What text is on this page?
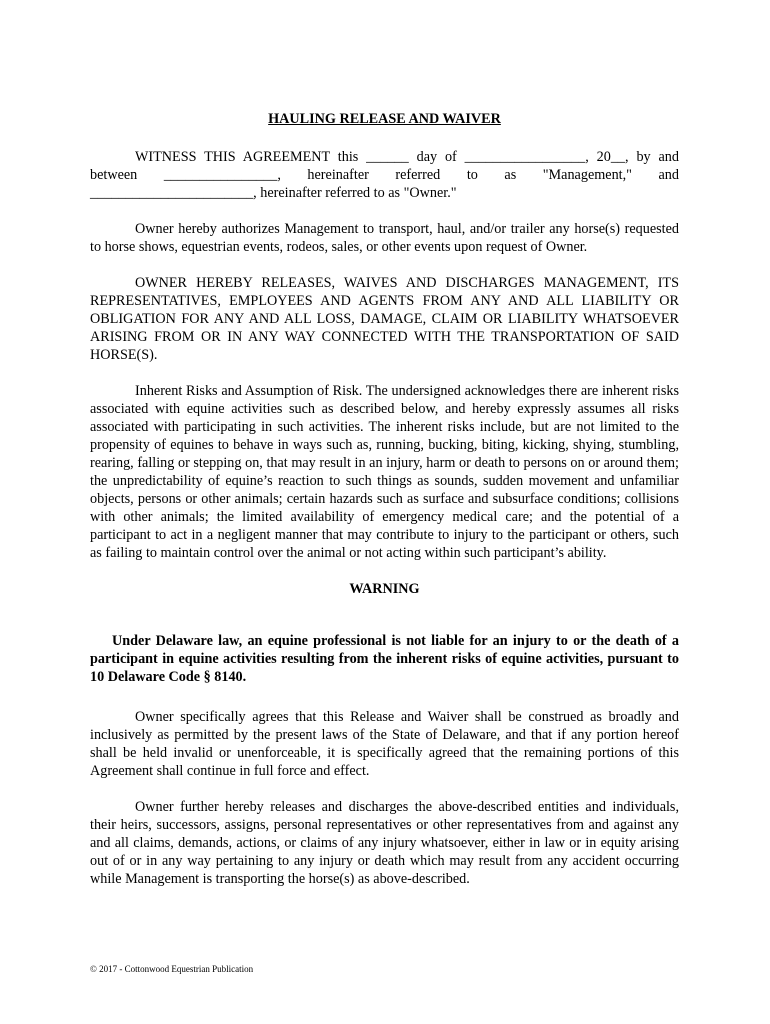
HAULING RELEASE AND WAIVER

WITNESS THIS AGREEMENT this ______ day of _________________, 20__, by and between ________________, hereinafter referred to as "Management," and _______________________, hereinafter referred to as "Owner."

Owner hereby authorizes Management to transport, haul, and/or trailer any horse(s) requested to horse shows, equestrian events, rodeos, sales, or other events upon request of Owner.

OWNER HEREBY RELEASES, WAIVES AND DISCHARGES MANAGEMENT, ITS REPRESENTATIVES, EMPLOYEES AND AGENTS FROM ANY AND ALL LIABILITY OR OBLIGATION FOR ANY AND ALL LOSS, DAMAGE, CLAIM OR LIABILITY WHATSOEVER ARISING FROM OR IN ANY WAY CONNECTED WITH THE TRANSPORTATION OF SAID HORSE(S).

Inherent Risks and Assumption of Risk. The undersigned acknowledges there are inherent risks associated with equine activities such as described below, and hereby expressly assumes all risks associated with participating in such activities. The inherent risks include, but are not limited to the propensity of equines to behave in ways such as, running, bucking, biting, kicking, shying, stumbling, rearing, falling or stepping on, that may result in an injury, harm or death to persons on or around them; the unpredictability of equine’s reaction to such things as sounds, sudden movement and unfamiliar objects, persons or other animals; certain hazards such as surface and subsurface conditions; collisions with other animals; the limited availability of emergency medical care; and the potential of a participant to act in a negligent manner that may contribute to injury to the participant or others, such as failing to maintain control over the animal or not acting within such participant’s ability.

WARNING

Under Delaware law, an equine professional is not liable for an injury to or the death of a participant in equine activities resulting from the inherent risks of equine activities, pursuant to 10 Delaware Code § 8140.

Owner specifically agrees that this Release and Waiver shall be construed as broadly and inclusively as permitted by the present laws of the State of Delaware, and that if any portion hereof shall be held invalid or unenforceable, it is specifically agreed that the remaining portions of this Agreement shall continue in full force and effect.

Owner further hereby releases and discharges the above-described entities and individuals, their heirs, successors, assigns, personal representatives or other representatives from and against any and all claims, demands, actions, or claims of any injury whatsoever, either in law or in equity arising out of or in any way pertaining to any injury or death which may result from any accident occurring while Management is transporting the horse(s) as above-described.

© 2017 - Cottonwood Equestrian Publication
